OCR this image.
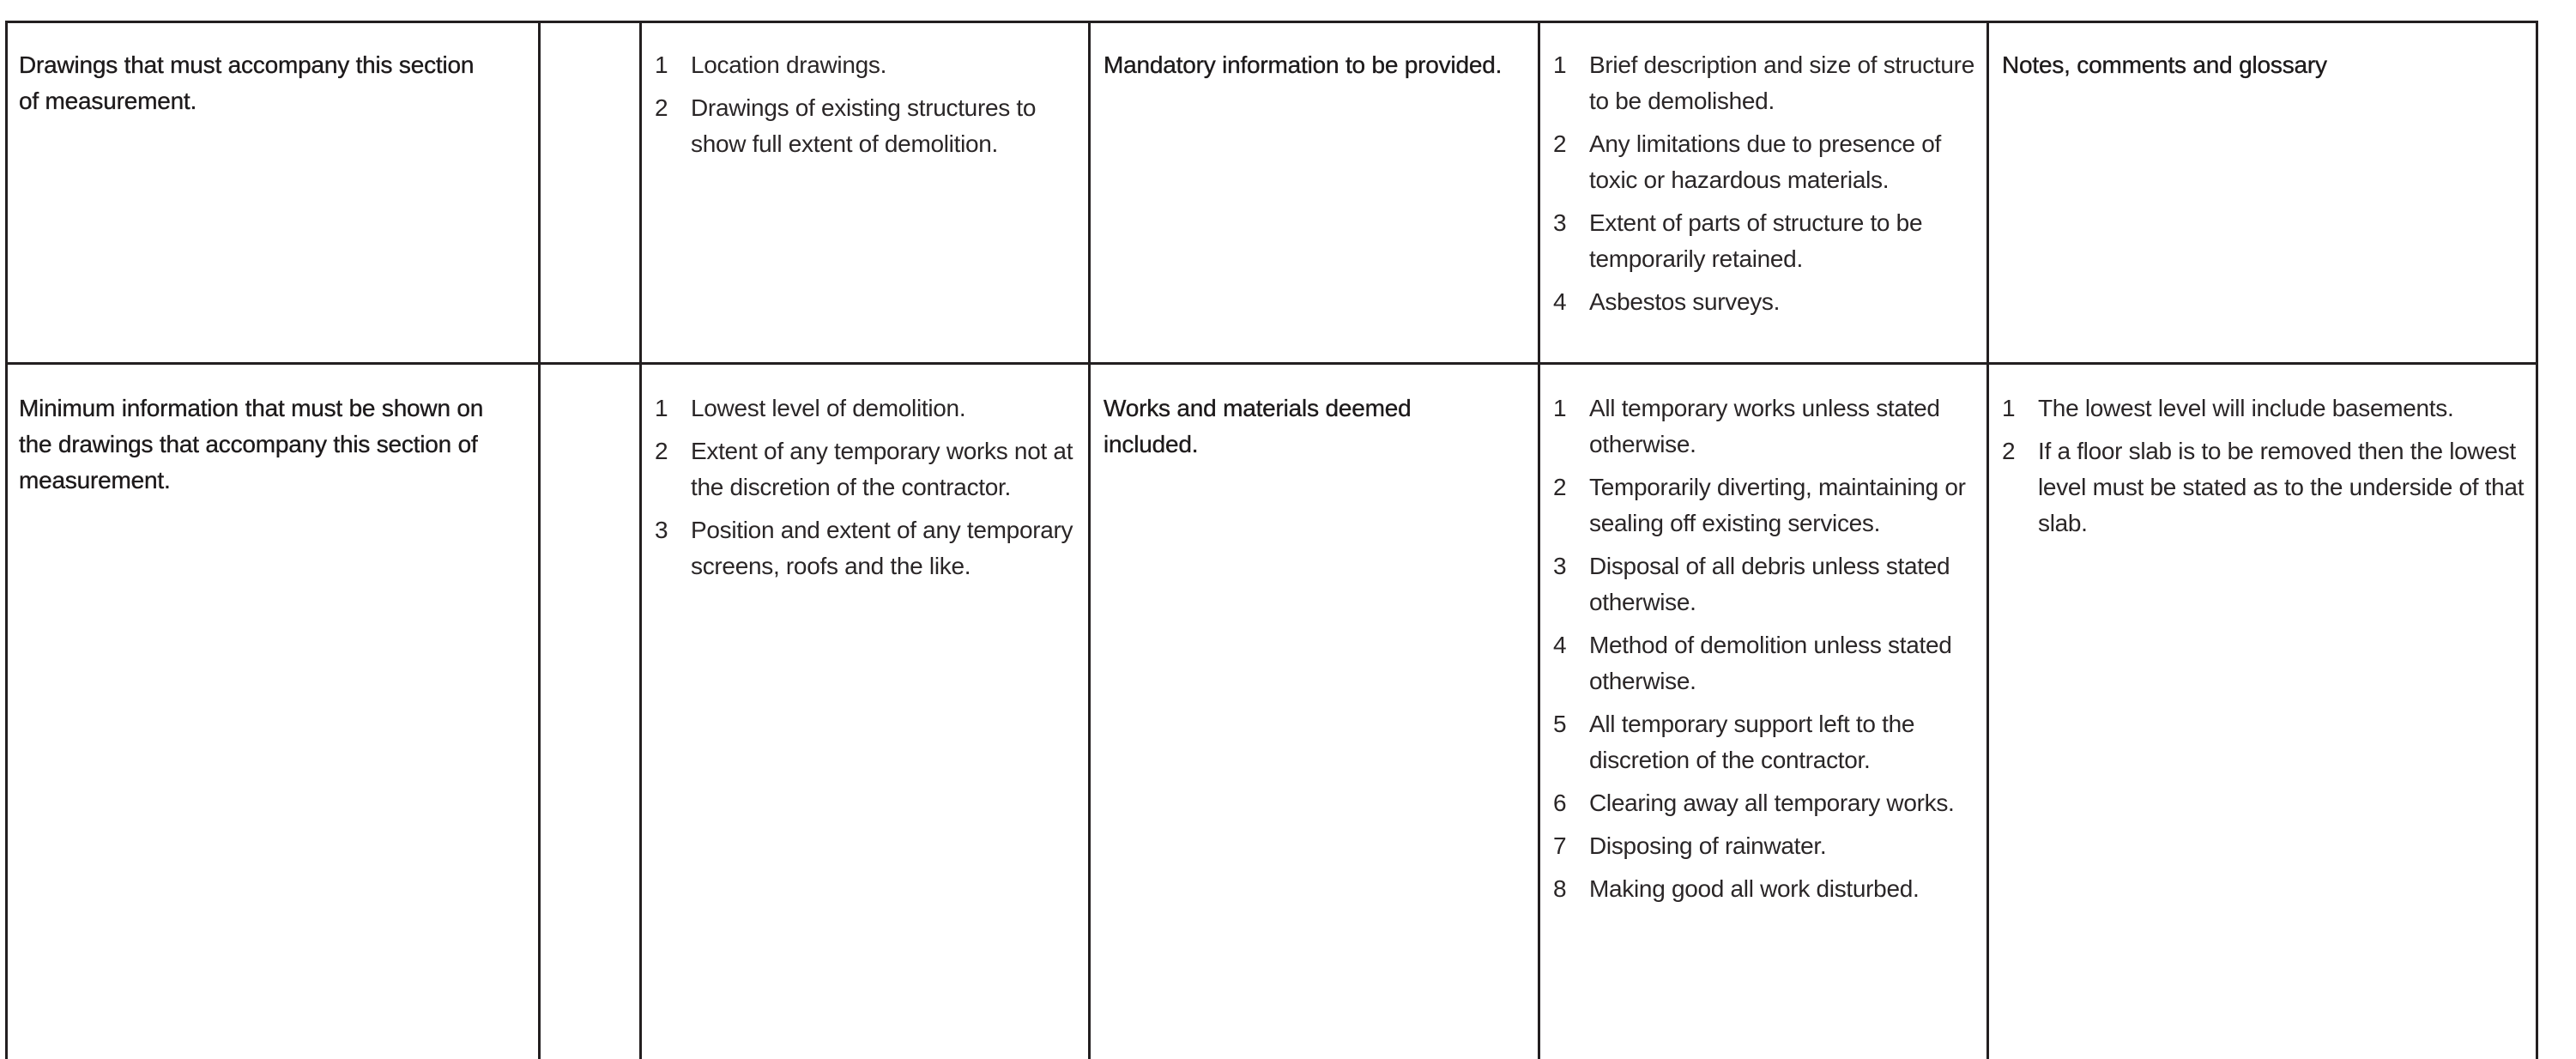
Drawings that must accompany this section of measurement.
1 Location drawings.
2 Drawings of existing structures to show full extent of demolition.
Mandatory information to be provided.	1 Brief description and size of structure to be demolished.
2 Any limitations due to presence of toxic or hazardous materials.
3 Extent of parts of structure to be temporarily retained.
4 Asbestos surveys.
Notes, comments and glossary
Minimum information that must be shown on the drawings that accompany this section of measurement.
1 Lowest level of demolition.
2 Extent of any temporary works not at the discretion of the contractor.
3 Position and extent of any temporary screens, roofs and the like.
Works and materials deemed included.
1 All temporary works unless stated otherwise.
2 Temporarily diverting, maintaining or sealing off existing services.
3 Disposal of all debris unless stated otherwise.
4 Method of demolition unless stated otherwise.
5 All temporary support left to the discretion of the contractor.
6 Clearing away all temporary works.
7 Disposing of rainwater.
8 Making good all work disturbed.
1 The lowest level will include basements.
2 If a floor slab is to be removed then the lowest level must be stated as to the underside of that slab.
